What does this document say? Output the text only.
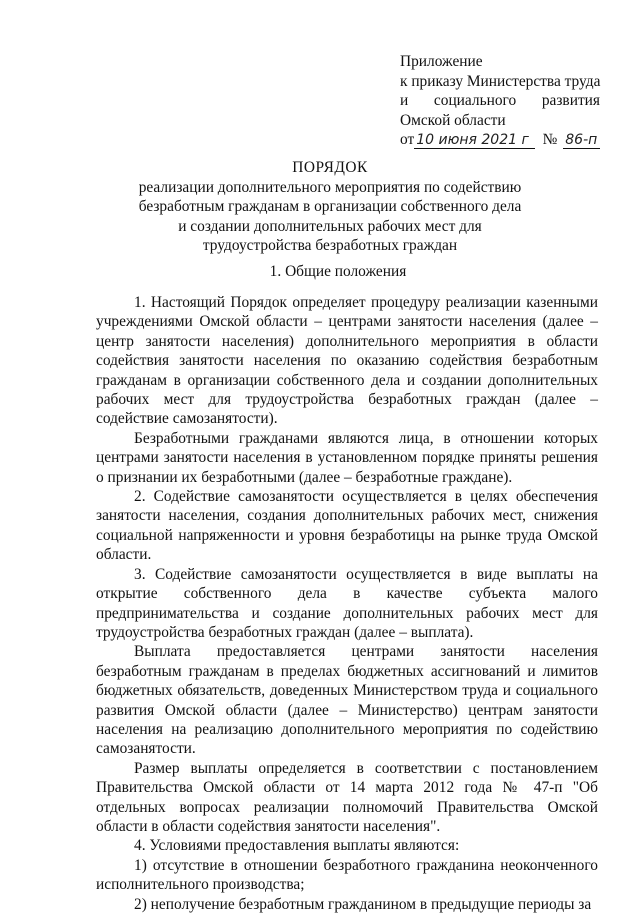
Приложение
к приказу Министерства труда
и социального развития
Омской области
от 10 июня 2021 г № 86-п
ПОРЯДОК
реализации дополнительного мероприятия по содействию
безработным гражданам в организации собственного дела
и создании дополнительных рабочих мест для
трудоустройства безработных граждан
1. Общие положения

1. Настоящий Порядок определяет процедуру реализации казенными учреждениями Омской области – центрами занятости населения (далее – центр занятости населения) дополнительного мероприятия в области содействия занятости населения по оказанию содействия безработным гражданам в организации собственного дела и создании дополнительных рабочих мест для трудоустройства безработных граждан (далее – содействие самозанятости).

Безработными гражданами являются лица, в отношении которых центрами занятости населения в установленном порядке приняты решения о признании их безработными (далее – безработные граждане).

2. Содействие самозанятости осуществляется в целях обеспечения занятости населения, создания дополнительных рабочих мест, снижения социальной напряженности и уровня безработицы на рынке труда Омской области.

3. Содействие самозанятости осуществляется в виде выплаты на открытие собственного дела в качестве субъекта малого предпринимательства и создание дополнительных рабочих мест для трудоустройства безработных граждан (далее – выплата).

Выплата предоставляется центрами занятости населения безработным гражданам в пределах бюджетных ассигнований и лимитов бюджетных обязательств, доведенных Министерством труда и социального развития Омской области (далее – Министерство) центрам занятости населения на реализацию дополнительного мероприятия по содействию самозанятости.

Размер выплаты определяется в соответствии с постановлением Правительства Омской области от 14 марта 2012 года № 47-п "Об отдельных вопросах реализации полномочий Правительства Омской области в области содействия занятости населения".

4. Условиями предоставления выплаты являются:

1) отсутствие в отношении безработного гражданина неоконченного исполнительного производства;

2) неполучение безработным гражданином в предыдущие периоды за
